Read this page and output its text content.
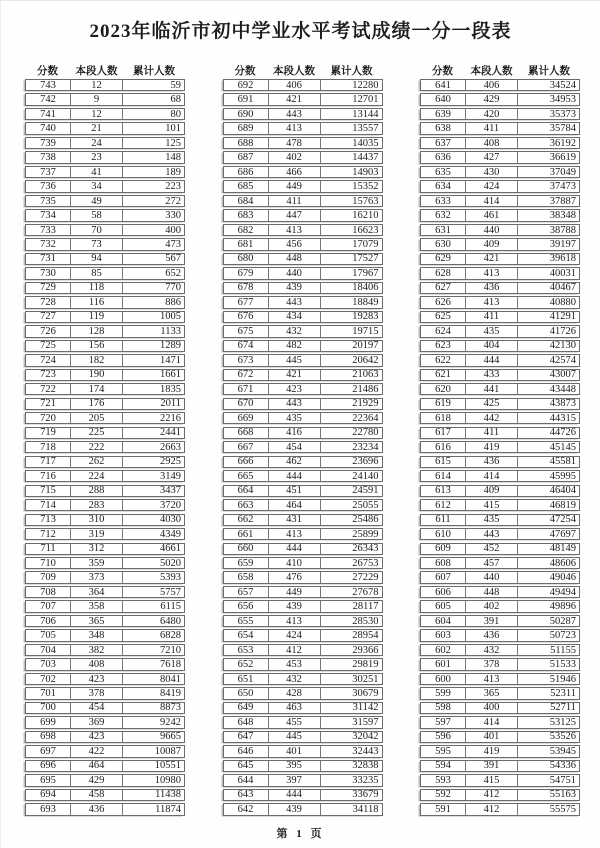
2023年临沂市初中学业水平考试成绩一分一段表
分数	本段人数	累计人数
743	12	59
742	9	68
741	12	80
740	21	101
739	24	125
738	23	148
737	41	189
736	34	223
735	49	272
734	58	330
733	70	400
732	73	473
731	94	567
730	85	652
729	118	770
728	116	886
727	119	1005
726	128	1133
725	156	1289
724	182	1471
723	190	1661
722	174	1835
721	176	2011
720	205	2216
719	225	2441
718	222	2663
717	262	2925
716	224	3149
715	288	3437
714	283	3720
713	310	4030
712	319	4349
711	312	4661
710	359	5020
709	373	5393
708	364	5757
707	358	6115
706	365	6480
705	348	6828
704	382	7210
703	408	7618
702	423	8041
701	378	8419
700	454	8873
699	369	9242
698	423	9665
697	422	10087
696	464	10551
695	429	10980
694	458	11438
693	436	11874
分数	本段人数	累计人数
692	406	12280
691	421	12701
690	443	13144
689	413	13557
688	478	14035
687	402	14437
686	466	14903
685	449	15352
684	411	15763
683	447	16210
682	413	16623
681	456	17079
680	448	17527
679	440	17967
678	439	18406
677	443	18849
676	434	19283
675	432	19715
674	482	20197
673	445	20642
672	421	21063
671	423	21486
670	443	21929
669	435	22364
668	416	22780
667	454	23234
666	462	23696
665	444	24140
664	451	24591
663	464	25055
662	431	25486
661	413	25899
660	444	26343
659	410	26753
658	476	27229
657	449	27678
656	439	28117
655	413	28530
654	424	28954
653	412	29366
652	453	29819
651	432	30251
650	428	30679
649	463	31142
648	455	31597
647	445	32042
646	401	32443
645	395	32838
644	397	33235
643	444	33679
642	439	34118
分数	本段人数	累计人数
641	406	34524
640	429	34953
639	420	35373
638	411	35784
637	408	36192
636	427	36619
635	430	37049
634	424	37473
633	414	37887
632	461	38348
631	440	38788
630	409	39197
629	421	39618
628	413	40031
627	436	40467
626	413	40880
625	411	41291
624	435	41726
623	404	42130
622	444	42574
621	433	43007
620	441	43448
619	425	43873
618	442	44315
617	411	44726
616	419	45145
615	436	45581
614	414	45995
613	409	46404
612	415	46819
611	435	47254
610	443	47697
609	452	48149
608	457	48606
607	440	49046
606	448	49494
605	402	49896
604	391	50287
603	436	50723
602	432	51155
601	378	51533
600	413	51946
599	365	52311
598	400	52711
597	414	53125
596	401	53526
595	419	53945
594	391	54336
593	415	54751
592	412	55163
591	412	55575
第 1 页
